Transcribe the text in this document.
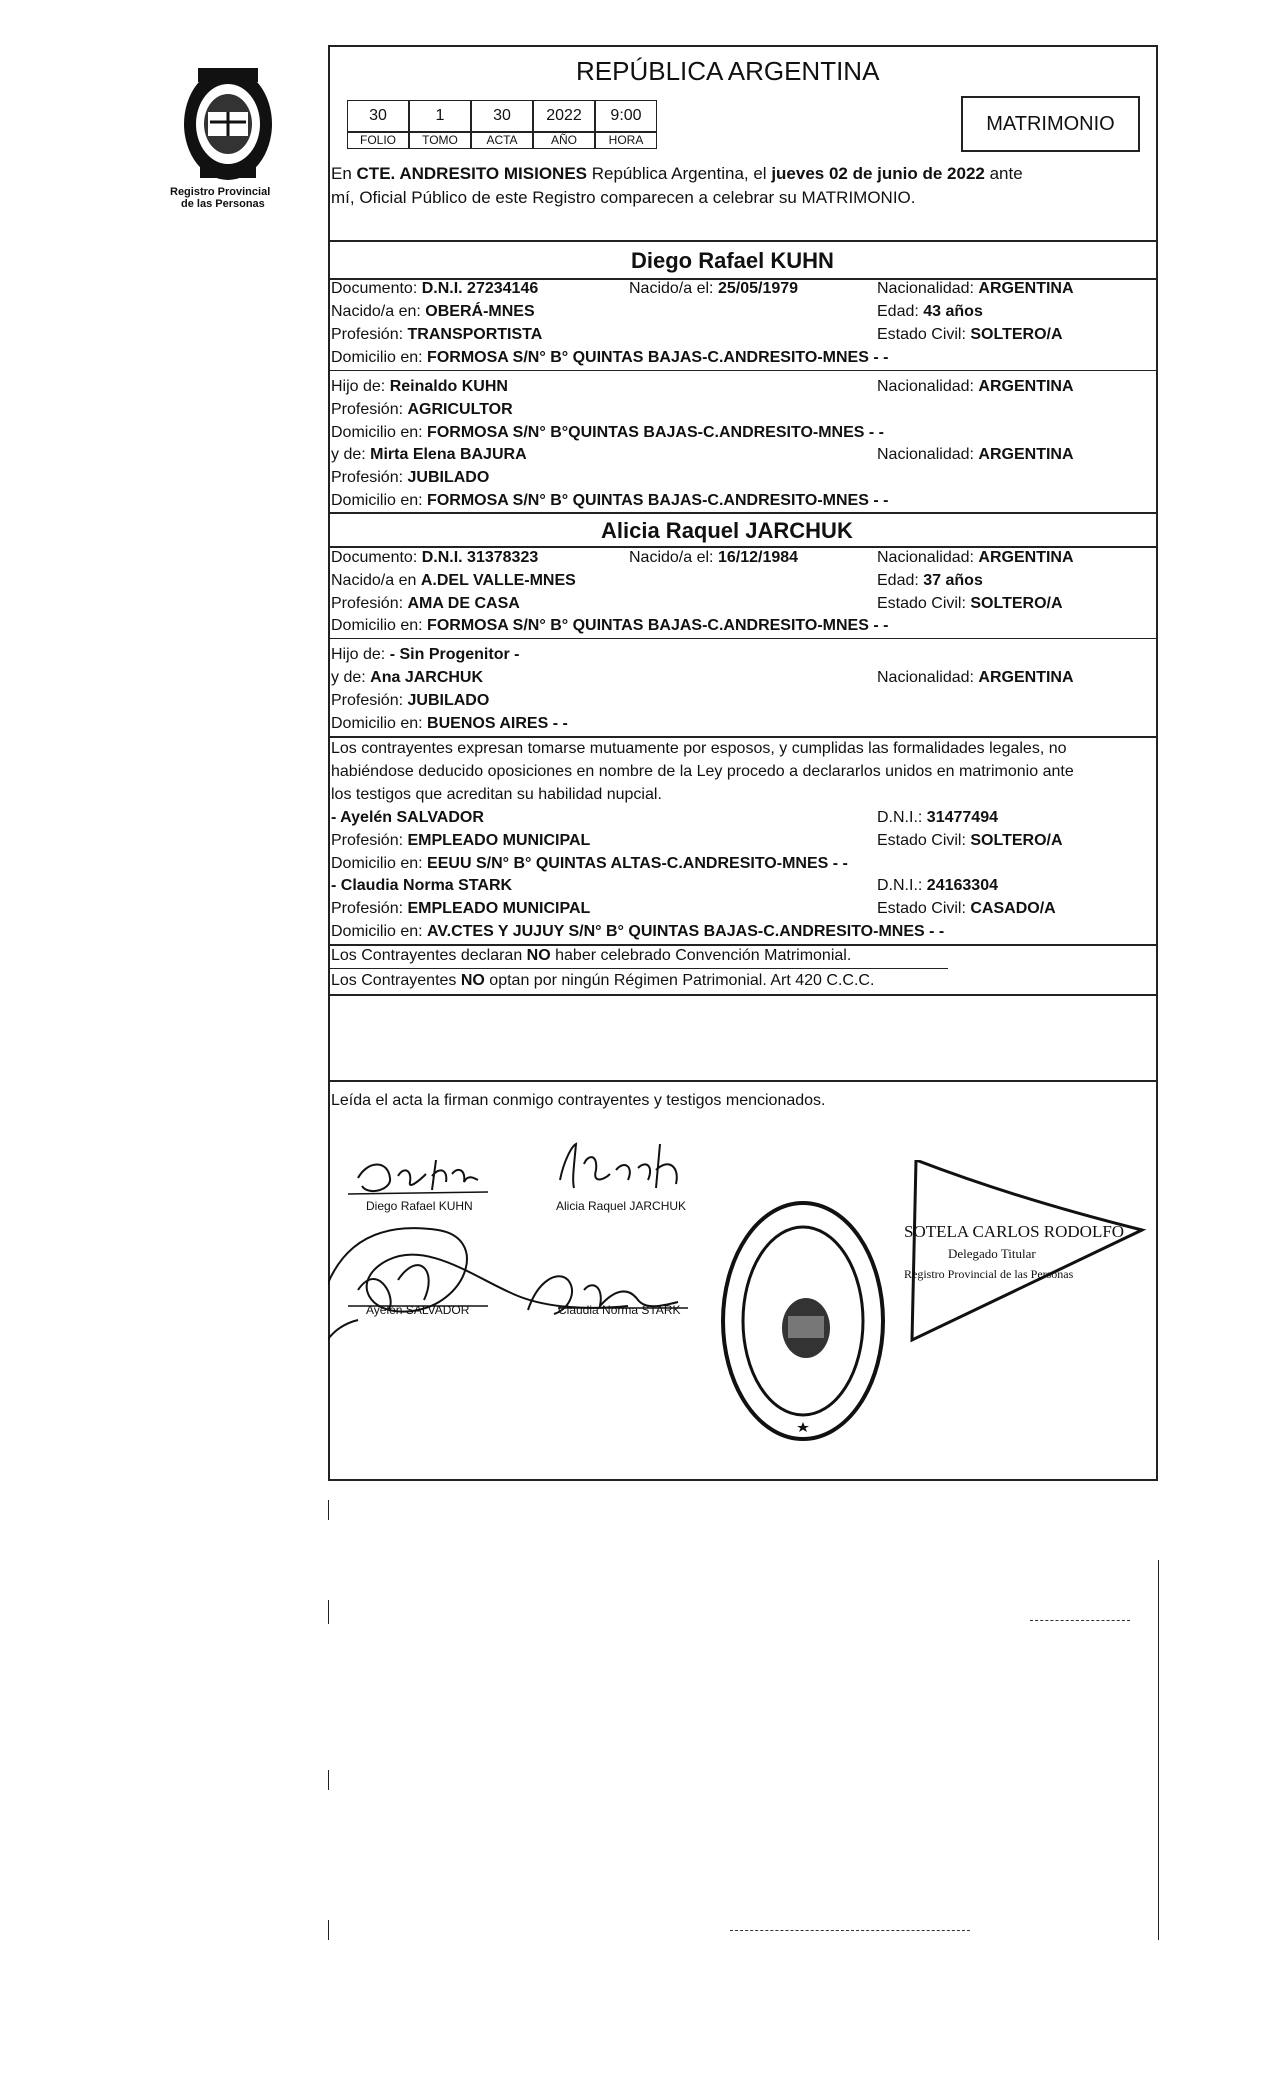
Registro Provincial
de las Personas
REPÚBLICA ARGENTINA
30	1	30	2022	9:00
FOLIO	TOMO	ACTA	AÑO	HORA
MATRIMONIO
En CTE. ANDRESITO MISIONES República Argentina, el jueves 02 de junio de 2022 ante
mí, Oficial Público de este Registro comparecen a celebrar su MATRIMONIO.
Diego Rafael KUHN
Documento: D.N.I. 27234146	Nacido/a el: 25/05/1979	Nacionalidad: ARGENTINA
Nacido/a en: OBERÁ-MNES	Edad: 43 años
Profesión: TRANSPORTISTA	Estado Civil: SOLTERO/A
Domicilio en: FORMOSA S/N° B° QUINTAS BAJAS-C.ANDRESITO-MNES - -
Hijo de: Reinaldo KUHN	Nacionalidad: ARGENTINA
Profesión: AGRICULTOR
Domicilio en: FORMOSA S/N° B°QUINTAS BAJAS-C.ANDRESITO-MNES - -
y de: Mirta Elena BAJURA	Nacionalidad: ARGENTINA
Profesión: JUBILADO
Domicilio en: FORMOSA S/N° B° QUINTAS BAJAS-C.ANDRESITO-MNES - -
Alicia Raquel JARCHUK
Documento: D.N.I. 31378323	Nacido/a el: 16/12/1984	Nacionalidad: ARGENTINA
Nacido/a en A.DEL VALLE-MNES	Edad: 37 años
Profesión: AMA DE CASA	Estado Civil: SOLTERO/A
Domicilio en: FORMOSA S/N° B° QUINTAS BAJAS-C.ANDRESITO-MNES - -
Hijo de: - Sin Progenitor -
y de: Ana JARCHUK	Nacionalidad: ARGENTINA
Profesión: JUBILADO
Domicilio en: BUENOS AIRES - -
Los contrayentes expresan tomarse mutuamente por esposos, y cumplidas las formalidades legales, no
habiéndose deducido oposiciones en nombre de la Ley procedo a declararlos unidos en matrimonio ante
los testigos que acreditan su habilidad nupcial.
- Ayelén SALVADOR	D.N.I.: 31477494
Profesión: EMPLEADO MUNICIPAL	Estado Civil: SOLTERO/A
Domicilio en: EEUU S/N° B° QUINTAS ALTAS-C.ANDRESITO-MNES - -
- Claudia Norma STARK	D.N.I.: 24163304
Profesión: EMPLEADO MUNICIPAL	Estado Civil: CASADO/A
Domicilio en: AV.CTES Y JUJUY S/N° B° QUINTAS BAJAS-C.ANDRESITO-MNES - -
Los Contrayentes declaran NO haber celebrado Convención Matrimonial.
Los Contrayentes NO optan por ningún Régimen Patrimonial. Art 420 C.C.C.
Leída el acta la firman conmigo contrayentes y testigos mencionados.
Diego Rafael KUHN	Alicia Raquel JARCHUK
Ayelén SALVADOR	Claudia Norma STARK
SOTELA CARLOS RODOLFO
Delegado Titular
Registro Provincial de las Personas
